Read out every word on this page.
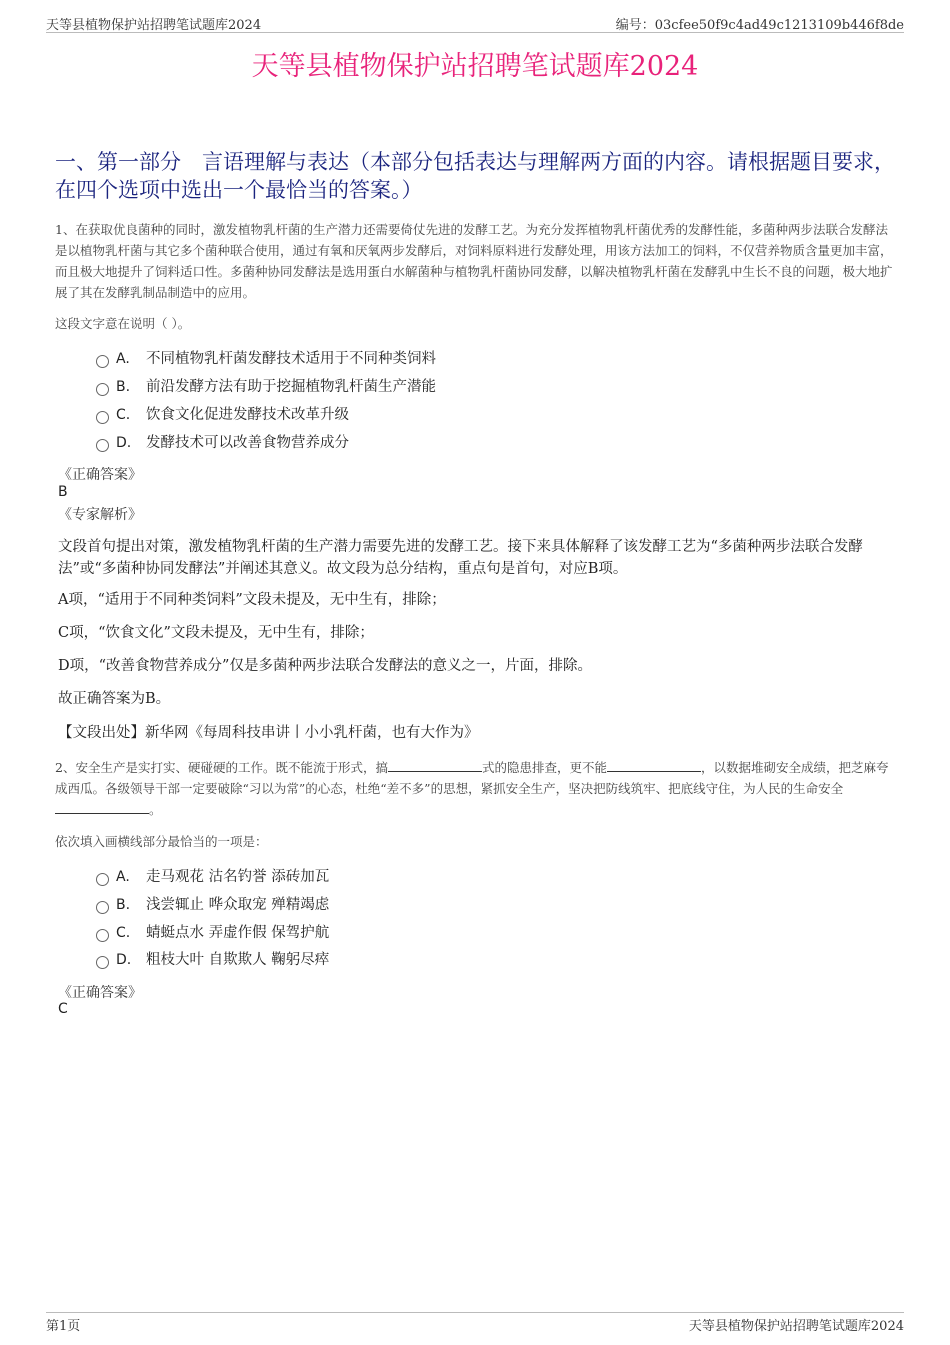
天等县植物保护站招聘笔试题库2024	编号：03cfee50f9c4ad49c1213109b446f8de
天等县植物保护站招聘笔试题库2024
一、第一部分　言语理解与表达（本部分包括表达与理解两方面的内容。请根据题目要求，在四个选项中选出一个最恰当的答案。）
1、在获取优良菌种的同时，激发植物乳杆菌的生产潜力还需要倚仗先进的发酵工艺。为充分发挥植物乳杆菌优秀的发酵性能，多菌种两步法联合发酵法是以植物乳杆菌与其它多个菌种联合使用，通过有氧和厌氧两步发酵后，对饲料原料进行发酵处理，用该方法加工的饲料，不仅营养物质含量更加丰富，而且极大地提升了饲料适口性。多菌种协同发酵法是选用蛋白水解菌种与植物乳杆菌协同发酵，以解决植物乳杆菌在发酵乳中生长不良的问题，极大地扩展了其在发酵乳制品制造中的应用。
这段文字意在说明（ ）。
A. 不同植物乳杆菌发酵技术适用于不同种类饲料
B. 前沿发酵方法有助于挖掘植物乳杆菌生产潜能
C. 饮食文化促进发酵技术改革升级
D. 发酵技术可以改善食物营养成分
《正确答案》
B
《专家解析》
文段首句提出对策，激发植物乳杆菌的生产潜力需要先进的发酵工艺。接下来具体解释了该发酵工艺为“多菌种两步法联合发酵法”或“多菌种协同发酵法”并阐述其意义。故文段为总分结构，重点句是首句，对应B项。
A项，“适用于不同种类饲料”文段未提及，无中生有，排除；
C项，“饮食文化”文段未提及，无中生有，排除；
D项，“改善食物营养成分”仅是多菌种两步法联合发酵法的意义之一，片面，排除。
故正确答案为B。
【文段出处】新华网《每周科技串讲丨小小乳杆菌，也有大作为》
2、安全生产是实打实、硬碰硬的工作。既不能流于形式，搞	式的隐患排查，更不能	，以数据堆砌安全成绩，把芝麻夸成西瓜。各级领导干部一定要破除“习以为常”的心态，杜绝“差不多”的思想，紧抓安全生产，坚决把防线筑牢、把底线守住，为人民的生命安全。
依次填入画横线部分最恰当的一项是：
A. 走马观花 沽名钓誉 添砖加瓦
B. 浅尝辄止 哗众取宠 殚精竭虑
C. 蜻蜓点水 弄虚作假 保驾护航
D. 粗枝大叶 自欺欺人 鞠躬尽瘁
《正确答案》
C
第1页	天等县植物保护站招聘笔试题库2024
